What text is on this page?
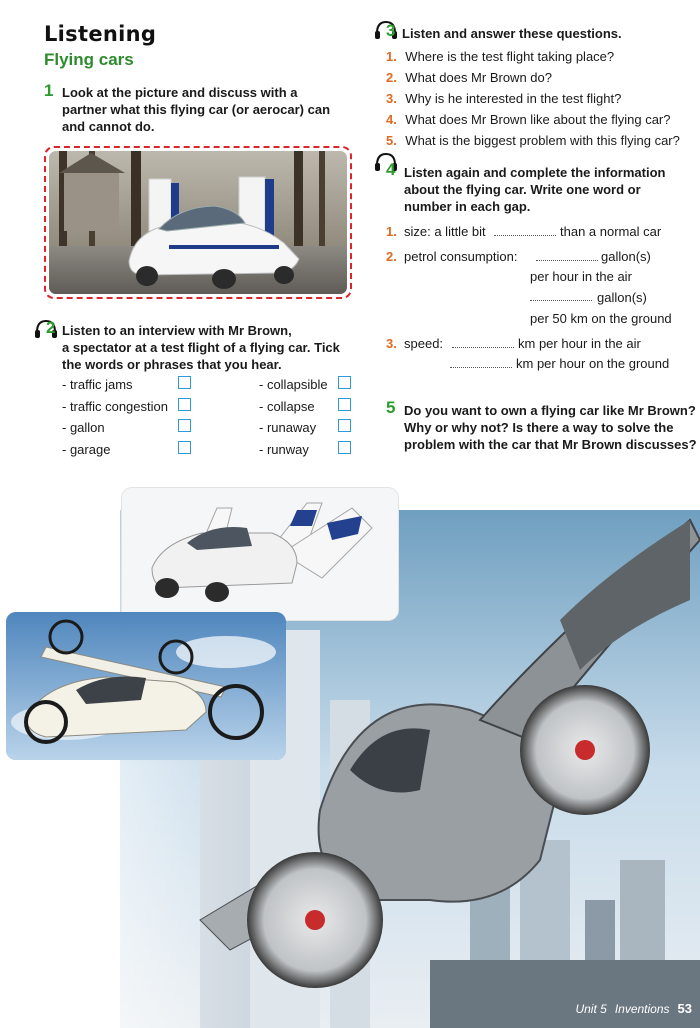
Listening
Flying cars
1 Look at the picture and discuss with a
partner what this flying car (or aerocar) can
and cannot do.
2 Listen to an interview with Mr Brown,
a spectator at a test flight of a flying car. Tick
the words or phrases that you hear.
- traffic jams
- traffic congestion
- gallon
- garage
- collapsible
- collapse
- runaway
- runway
3 Listen and answer these questions.
1. Where is the test flight taking place?
2. What does Mr Brown do?
3. Why is he interested in the test flight?
4. What does Mr Brown like about the flying car?
5. What is the biggest problem with this flying car?
4 Listen again and complete the information
about the flying car. Write one word or
number in each gap.
1. size: a little bit	than a normal car
2. petrol consumption:	gallon(s)
per hour in the air
gallon(s)
per 50 km on the ground
3. speed:	km per hour in the air
km per hour on the ground
5 Do you want to own a flying car like Mr Brown?
Why or why not? Is there a way to solve the
problem with the car that Mr Brown discusses?
Unit 5 Inventions 53
